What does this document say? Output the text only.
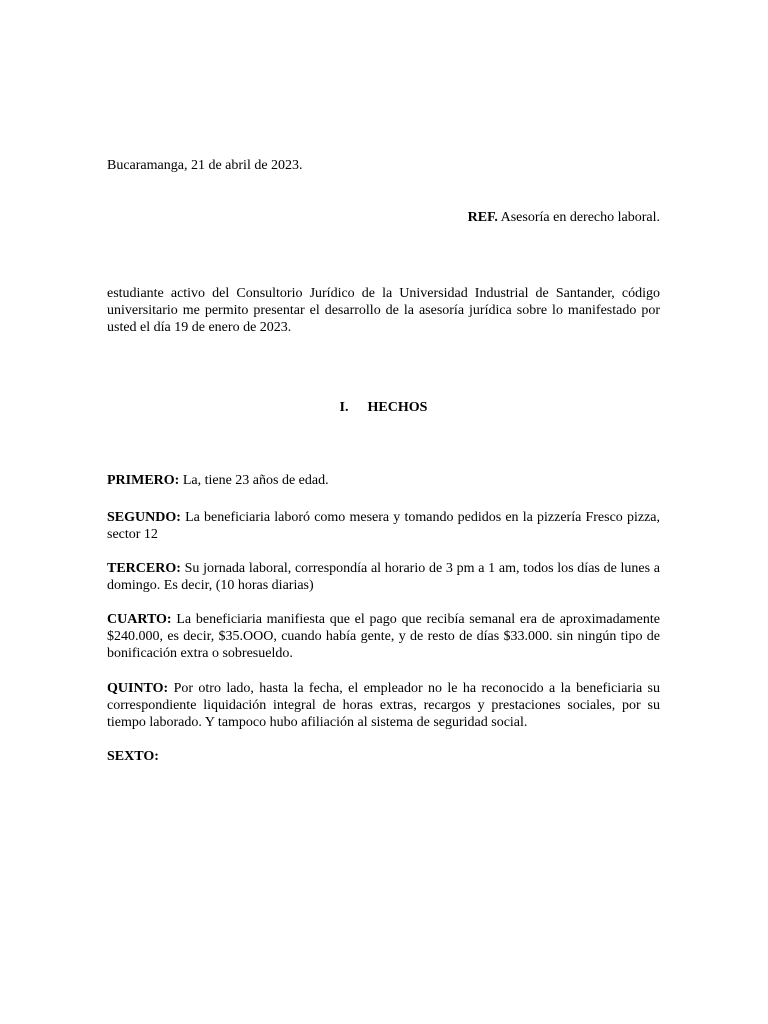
Bucaramanga, 21 de abril de 2023.
REF. Asesoría en derecho laboral.
estudiante activo del Consultorio Jurídico de la Universidad Industrial de Santander, código universitario me permito presentar el desarrollo de la asesoría jurídica sobre lo manifestado por usted el día 19 de enero de 2023.
I. HECHOS
PRIMERO: La, tiene 23 años de edad.
SEGUNDO: La beneficiaria laboró como mesera y tomando pedidos en la pizzería Fresco pizza, sector 12
TERCERO: Su jornada laboral, correspondía al horario de 3 pm a 1 am, todos los días de lunes a domingo. Es decir, (10 horas diarias)
CUARTO: La beneficiaria manifiesta que el pago que recibía semanal era de aproximadamente $240.000, es decir, $35.OOO, cuando había gente, y de resto de días $33.000. sin ningún tipo de bonificación extra o sobresueldo.
QUINTO: Por otro lado, hasta la fecha, el empleador no le ha reconocido a la beneficiaria su correspondiente liquidación integral de horas extras, recargos y prestaciones sociales, por su tiempo laborado. Y tampoco hubo afiliación al sistema de seguridad social.
SEXTO:
